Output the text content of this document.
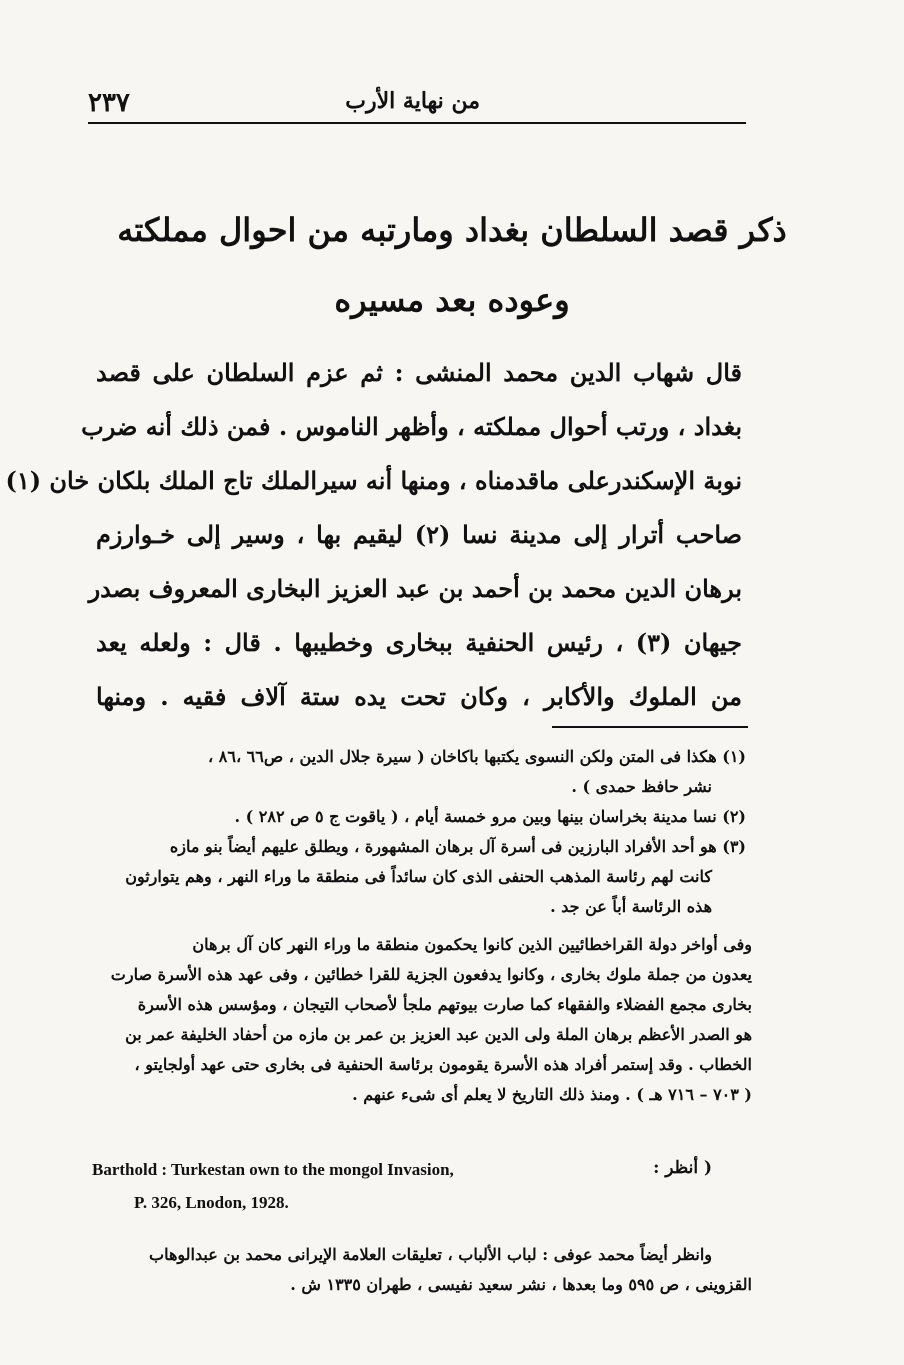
٢٣٧	من نهاية الأرب
ذكر قصد السلطان بغداد ومارتبه من احوال مملكته
وعوده بعد مسيره
قال شهاب الدين محمد المنشى : ثم عزم السلطان على قصد
بغداد ، ورتب أحوال مملكته ، وأظهر الناموس . فمن ذلك أنه ضرب
نوبة الإسكندرعلى ماقدمناه ، ومنها أنه سيرالملك تاج الملك بلكان خان (١)
صاحب أترار إلى مدينة نسا (٢) ليقيم بها ، وسير إلى خـوارزم
برهان الدين محمد بن أحمد بن عبد العزيز البخارى المعروف بصدر
جيهان (٣) ، رئيس الحنفية ببخارى وخطيبها . قال : ولعله يعد
من الملوك والأكابر ، وكان تحت يده ستة آلاف فقيه . ومنها
(١) هكذا فى المتن ولكن النسوى يكتبها باكاخان ( سيرة جلال الدين ، ص٦٦ ،٨٦ ،
نشر حافظ حمدى ) .
(٢) نسا مدينة بخراسان بينها وبين مرو خمسة أيام ، ( ياقوت ج ٥ ص ٢٨٢ ) .
(٣) هو أحد الأفراد البارزين فى أسرة آل برهان المشهورة ، ويطلق عليهم أيضاً بنو مازه
كانت لهم رئاسة المذهب الحنفى الذى كان سائداً فى منطقة ما وراء النهر ، وهم يتوارثون
هذه الرئاسة أباً عن جد .
وفى أواخر دولة القراخطائيين الذين كانوا يحكمون منطقة ما وراء النهر كان آل برهان
يعدون من جملة ملوك بخارى ، وكانوا يدفعون الجزية للقرا خطائين ، وفى عهد هذه الأسرة صارت
بخارى مجمع الفضلاء والفقهاء كما صارت بيوتهم ملجأ لأصحاب التيجان ، ومؤسس هذه الأسرة
هو الصدر الأعظم برهان الملة ولى الدين عبد العزيز بن عمر بن مازه من أحفاد الخليفة عمر بن
الخطاب . وقد إستمر أفراد هذه الأسرة يقومون برئاسة الحنفية فى بخارى حتى عهد أولجايتو ،
( ٧٠٣ – ٧١٦ هـ ) . ومنذ ذلك التاريخ لا يعلم أى شىء عنهم .
( أنظر :
Barthold : Turkestan own to the mongol Invasion,
P. 326, Lnodon, 1928.
وانظر أيضاً محمد عوفى : لباب الألباب ، تعليقات العلامة الإيرانى محمد بن عبدالوهاب
القزوينى ، ص ٥٩٥ وما بعدها ، نشر سعيد نفيسى ، طهران ١٣٣٥ ش .
